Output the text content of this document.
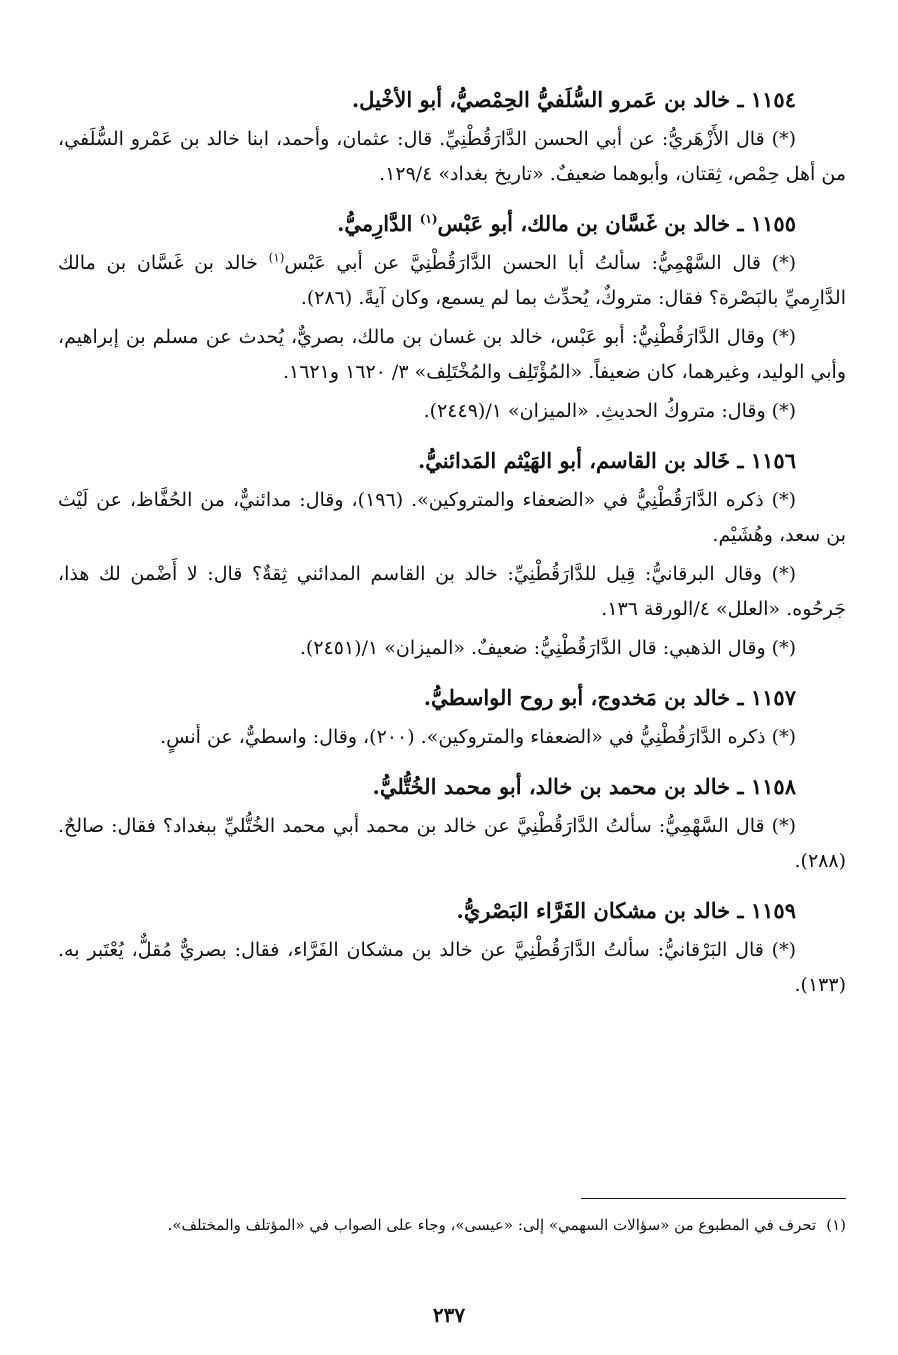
١١٥٤ ـ خالد بن عَمرو السُّلَفيُّ الحِمْصيُّ، أبو الأخْيل.

(*) قال الأَزْهَريُّ: عن أبي الحسن الدَّارَقُطْنِيِّ. قال: عثمان، وأحمد، ابنا خالد بن عَمْرو السُّلَفي، من أهل حِمْص، ثِقتان، وأبوهما ضعيفٌ. «تاريخ بغداد» ١٢٩/٤.

١١٥٥ ـ خالد بن غَسَّان بن مالك، أبو عَبْس$^{(١)}$ الدَّارِميُّ.

(*) قال السَّهْمِيُّ: سألتُ أبا الحسن الدَّارَقُطْنِيَّ عن أبي عَبْس$^{(١)}$ خالد بن غَسَّان بن مالك الدَّارِميِّ بالبَصْرة؟ فقال: متروكٌ، يُحدِّث بما لم يسمع، وكان آيةً. (٢٨٦).

(*) وقال الدَّارَقُطْنِيُّ: أبو عَبْس، خالد بن غسان بن مالك، بصريٌّ، يُحدث عن مسلم بن إبراهيم، وأبي الوليد، وغيرهما، كان ضعيفاً. «المُؤْتَلِف والمُخْتَلِف» ٣/ ١٦٢٠ و١٦٢١.

(*) وقال: متروكُ الحديثِ. «الميزان» ١/(٢٤٤٩).

١١٥٦ ـ خَالد بن القاسم، أبو الهَيْثم المَدائنيُّ.

(*) ذكره الدَّارَقُطْنِيُّ في «الضعفاء والمتروكين». (١٩٦)، وقال: مدائنيٌّ، من الحُفَّاظ، عن لَيْث بن سعد، وهُشَيْم.

(*) وقال البرقانيُّ: قِيل للدَّارَقُطْنِيِّ: خالد بن القاسم المدائني ثِقةٌ؟ قال: لا أَضْمن لك هذا، جَرحُوه. «العلل» ٤/الورقة ١٣٦.

(*) وقال الذهبي: قال الدَّارَقُطْنِيُّ: ضعيفٌ. «الميزان» ١/(٢٤٥١).

١١٥٧ ـ خالد بن مَخدوج، أبو روح الواسطيُّ.

(*) ذكره الدَّارَقُطْنِيُّ في «الضعفاء والمتروكين». (٢٠٠)، وقال: واسطيٌّ، عن أنسٍ.

١١٥٨ ـ خالد بن محمد بن خالد، أبو محمد الخُتُّليُّ.

(*) قال السَّهْمِيُّ: سألتُ الدَّارَقُطْنِيَّ عن خالد بن محمد أبي محمد الخُتُّليِّ ببغداد؟ فقال: صالحٌ. (٢٨٨).

١١٥٩ ـ خالد بن مشكان الفَرَّاء البَصْريُّ.

(*) قال البَرْقانيُّ: سألتُ الدَّارَقُطْنِيَّ عن خالد بن مشكان الفَرَّاء، فقال: بصريٌّ مُقلٌّ، يُعْتَبر به. (١٣٣).

(١)تحرف في المطبوع من «سؤالات السهمي» إلى: «عيسى»، وجاء على الصواب في «المؤتلف والمختلف».
٢٣٧
